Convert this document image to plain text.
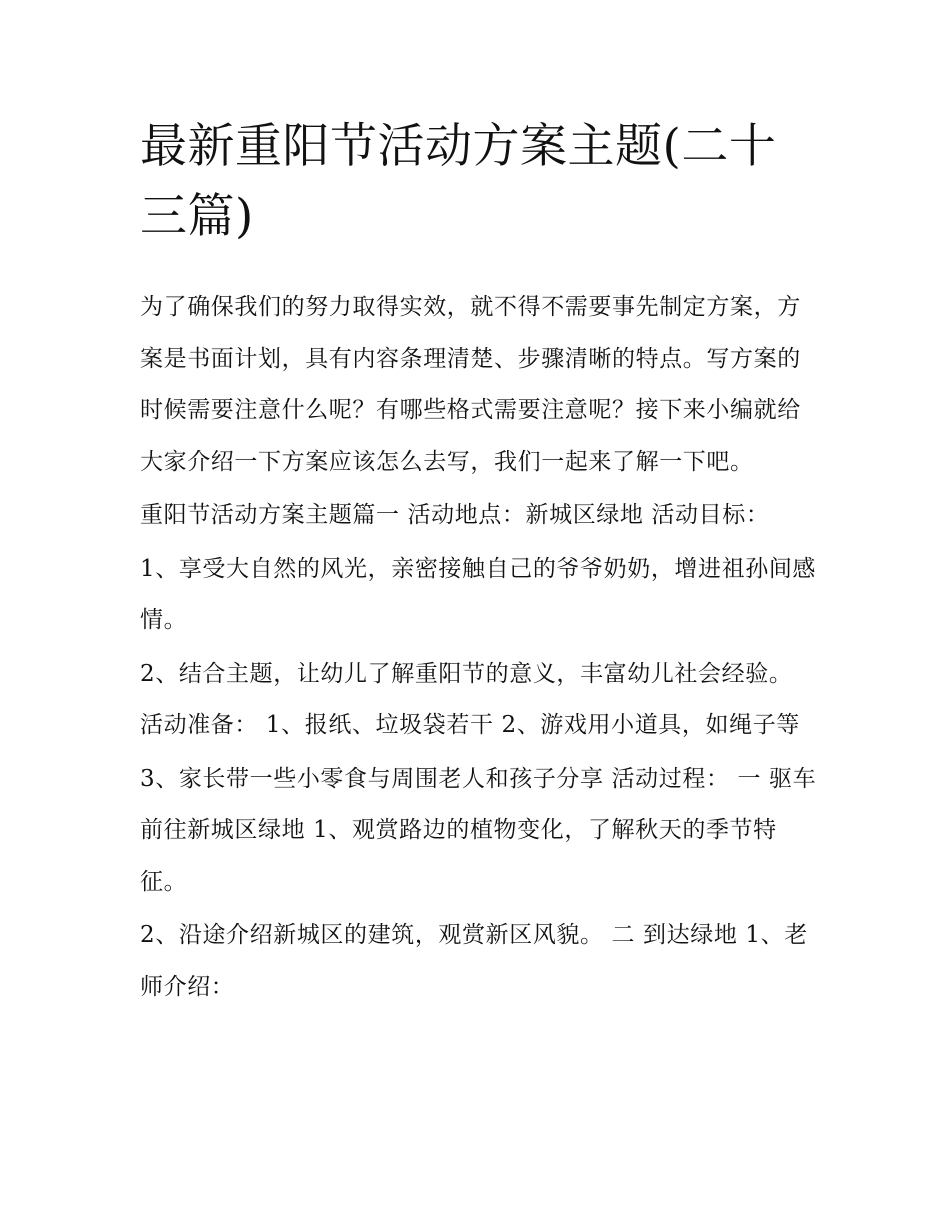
最新重阳节活动方案主题(二十三篇)

为了确保我们的努力取得实效，就不得不需要事先制定方案，方案是书面计划，具有内容条理清楚、步骤清晰的特点。写方案的时候需要注意什么呢？有哪些格式需要注意呢？接下来小编就给大家介绍一下方案应该怎么去写，我们一起来了解一下吧。

重阳节活动方案主题篇一 活动地点：新城区绿地 活动目标：

1、享受大自然的风光，亲密接触自己的爷爷奶奶，增进祖孙间感情。

2、结合主题，让幼儿了解重阳节的意义，丰富幼儿社会经验。 活动准备： 1、报纸、垃圾袋若干 2、游戏用小道具，如绳子等

3、家长带一些小零食与周围老人和孩子分享 活动过程： 一 驱车前往新城区绿地 1、观赏路边的植物变化，了解秋天的季节特征。

2、沿途介绍新城区的建筑，观赏新区风貌。 二 到达绿地 1、老师介绍：
